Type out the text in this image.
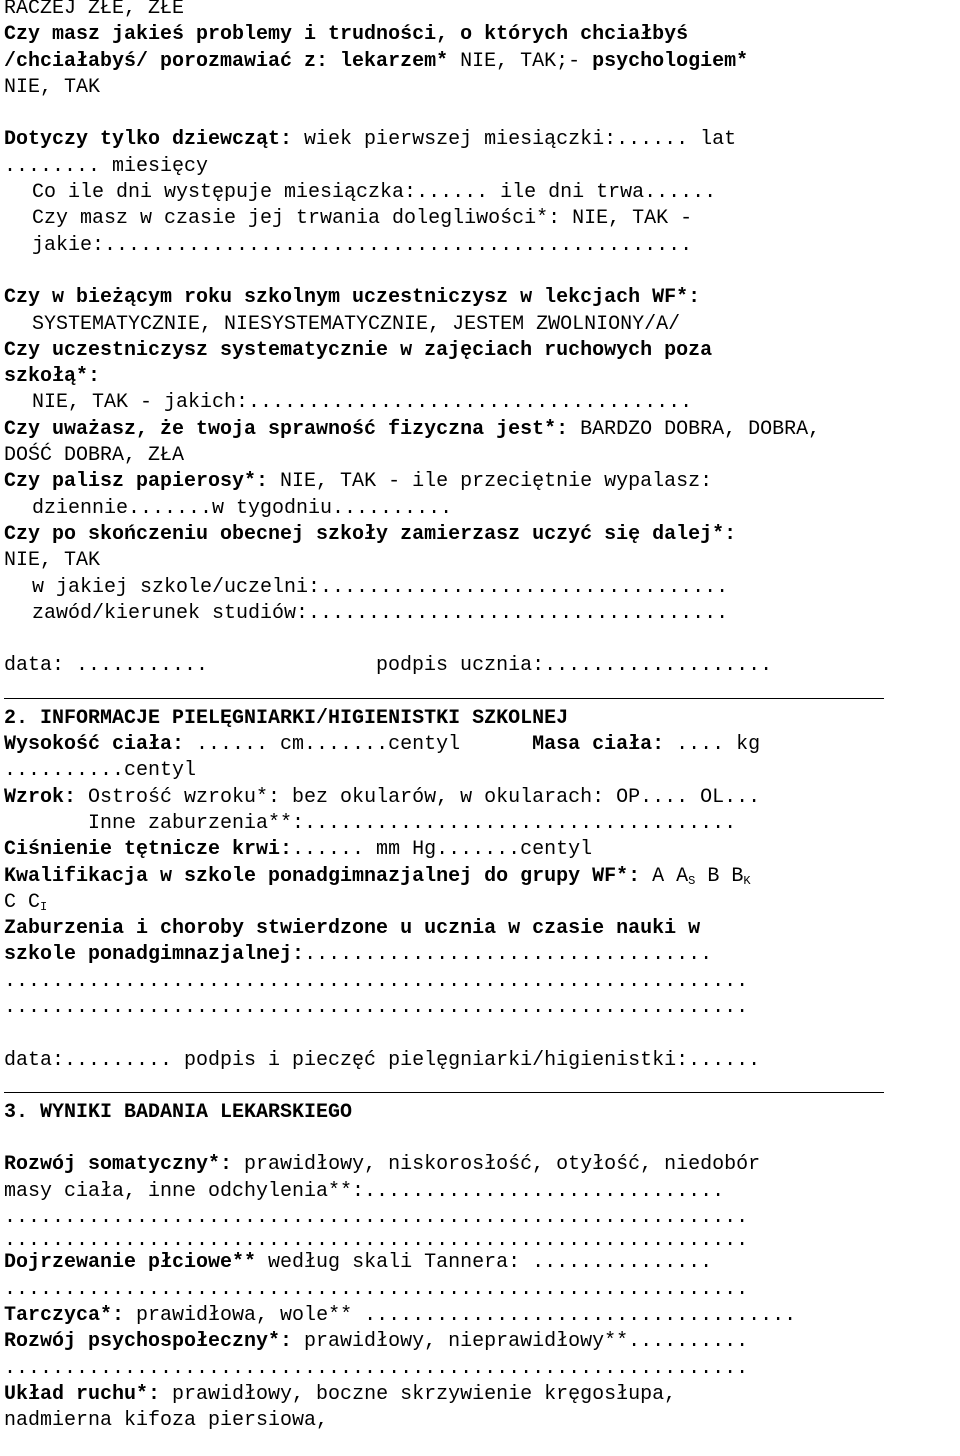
RACZEJ ZŁE, ZŁE
Czy masz jakieś problemy i trudności, o których chciałbyś
/chciałabyś/ porozmawiać z: lekarzem* NIE, TAK;- psychologiem*
NIE, TAK
Dotyczy tylko dziewcząt: wiek pierwszej miesiączki:...... lat
........ miesięcy
Co ile dni występuje miesiączka:...... ile dni trwa......
Czy masz w czasie jej trwania dolegliwości*: NIE, TAK -
jakie:.................................................
Czy w bieżącym roku szkolnym uczestniczysz w lekcjach WF*:
SYSTEMATYCZNIE, NIESYSTEMATYCZNIE, JESTEM ZWOLNIONY/A/
Czy uczestniczysz systematycznie w zajęciach ruchowych poza
szkołą*:
NIE, TAK - jakich:.....................................
Czy uważasz, że twoja sprawność fizyczna jest*: BARDZO DOBRA, DOBRA,
DOŚĆ DOBRA, ZŁA
Czy palisz papierosy*: NIE, TAK - ile przeciętnie wypalasz:
dziennie.......w tygodniu..........
Czy po skończeniu obecnej szkoły zamierzasz uczyć się dalej*:
NIE, TAK
w jakiej szkole/uczelni:..................................
zawód/kierunek studiów:...................................
data: ...........	podpis ucznia:...................
2. INFORMACJE PIELĘGNIARKI/HIGIENISTKI SZKOLNEJ
Wysokość ciała: ...... cm.......centyl	Masa ciała: .... kg
..........centyl
Wzrok: Ostrość wzroku*: bez okularów, w okularach: OP.... OL...
Inne zaburzenia**:....................................
Ciśnienie tętnicze krwi:...... mm Hg.......centyl
Kwalifikacja w szkole ponadgimnazjalnej do grupy WF*: A $A_S$ B $B_K$
C $C_I$
Zaburzenia i choroby stwierdzone u ucznia w czasie nauki w
szkole ponadgimnazjalnej:..................................
..............................................................
..............................................................
data:......... podpis i pieczęć pielęgniarki/higienistki:......
3. WYNIKI BADANIA LEKARSKIEGO
Rozwój somatyczny*: prawidłowy, niskorosłość, otyłość, niedobór
masy ciała, inne odchylenia**:..............................
..............................................................
..............................................................
Dojrzewanie płciowe** według skali Tannera: ...............
..............................................................
Tarczyca*: prawidłowa, wole** ....................................
Rozwój psychospołeczny*: prawidłowy, nieprawidłowy**..........
..............................................................
Układ ruchu*: prawidłowy, boczne skrzywienie kręgosłupa,
nadmierna kifoza piersiowa,
